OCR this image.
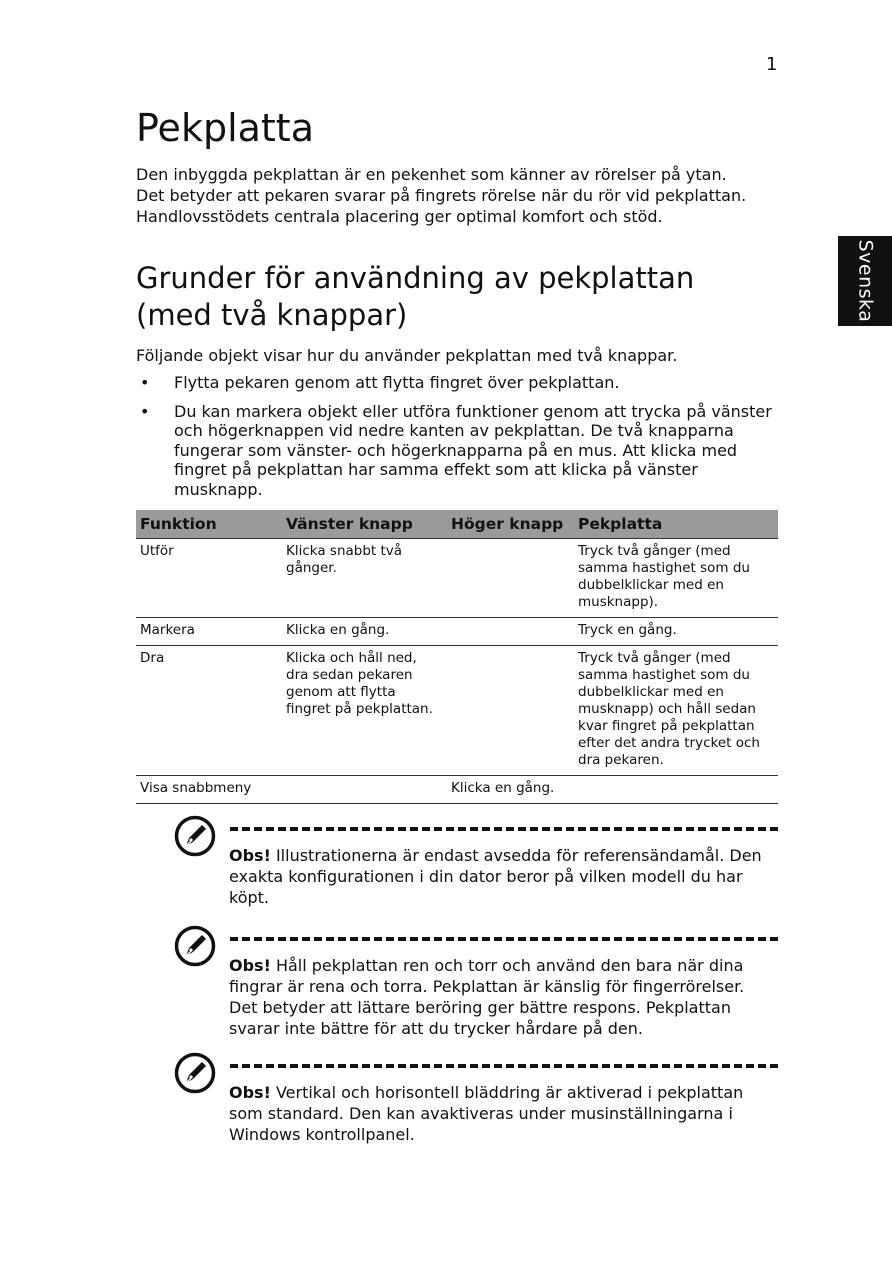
1
Svenska
Pekplatta

Den inbyggda pekplattan är en pekenhet som känner av rörelser på ytan.
Det betyder att pekaren svarar på fingrets rörelse när du rör vid pekplattan.
Handlovsstödets centrala placering ger optimal komfort och stöd.

Grunder för användning av pekplattan
(med två knappar)

Följande objekt visar hur du använder pekplattan med två knappar.

• Flytta pekaren genom att flytta fingret över pekplattan.
• Du kan markera objekt eller utföra funktioner genom att trycka på vänster och högerknappen vid nedre kanten av pekplattan. De två knapparna fungerar som vänster- och högerknapparna på en mus. Att klicka med fingret på pekplattan har samma effekt som att klicka på vänster musknapp.
Funktion	Vänster knapp	Höger knapp	Pekplatta
Utför	Klicka snabbt två gånger.		Tryck två gånger (med samma hastighet som du dubbelklickar med en musknapp).
Markera	Klicka en gång.		Tryck en gång.
Dra	Klicka och håll ned, dra sedan pekaren genom att flytta fingret på pekplattan.		Tryck två gånger (med samma hastighet som du dubbelklickar med en musknapp) och håll sedan kvar fingret på pekplattan efter det andra trycket och dra pekaren.
Visa snabbmeny		Klicka en gång.	
Obs! Illustrationerna är endast avsedda för referensändamål. Den exakta konfigurationen i din dator beror på vilken modell du har köpt.
Obs! Håll pekplattan ren och torr och använd den bara när dina fingrar är rena och torra. Pekplattan är känslig för fingerrörelser. Det betyder att lättare beröring ger bättre respons. Pekplattan svarar inte bättre för att du trycker hårdare på den.
Obs! Vertikal och horisontell bläddring är aktiverad i pekplattan som standard. Den kan avaktiveras under musinställningarna i Windows kontrollpanel.
